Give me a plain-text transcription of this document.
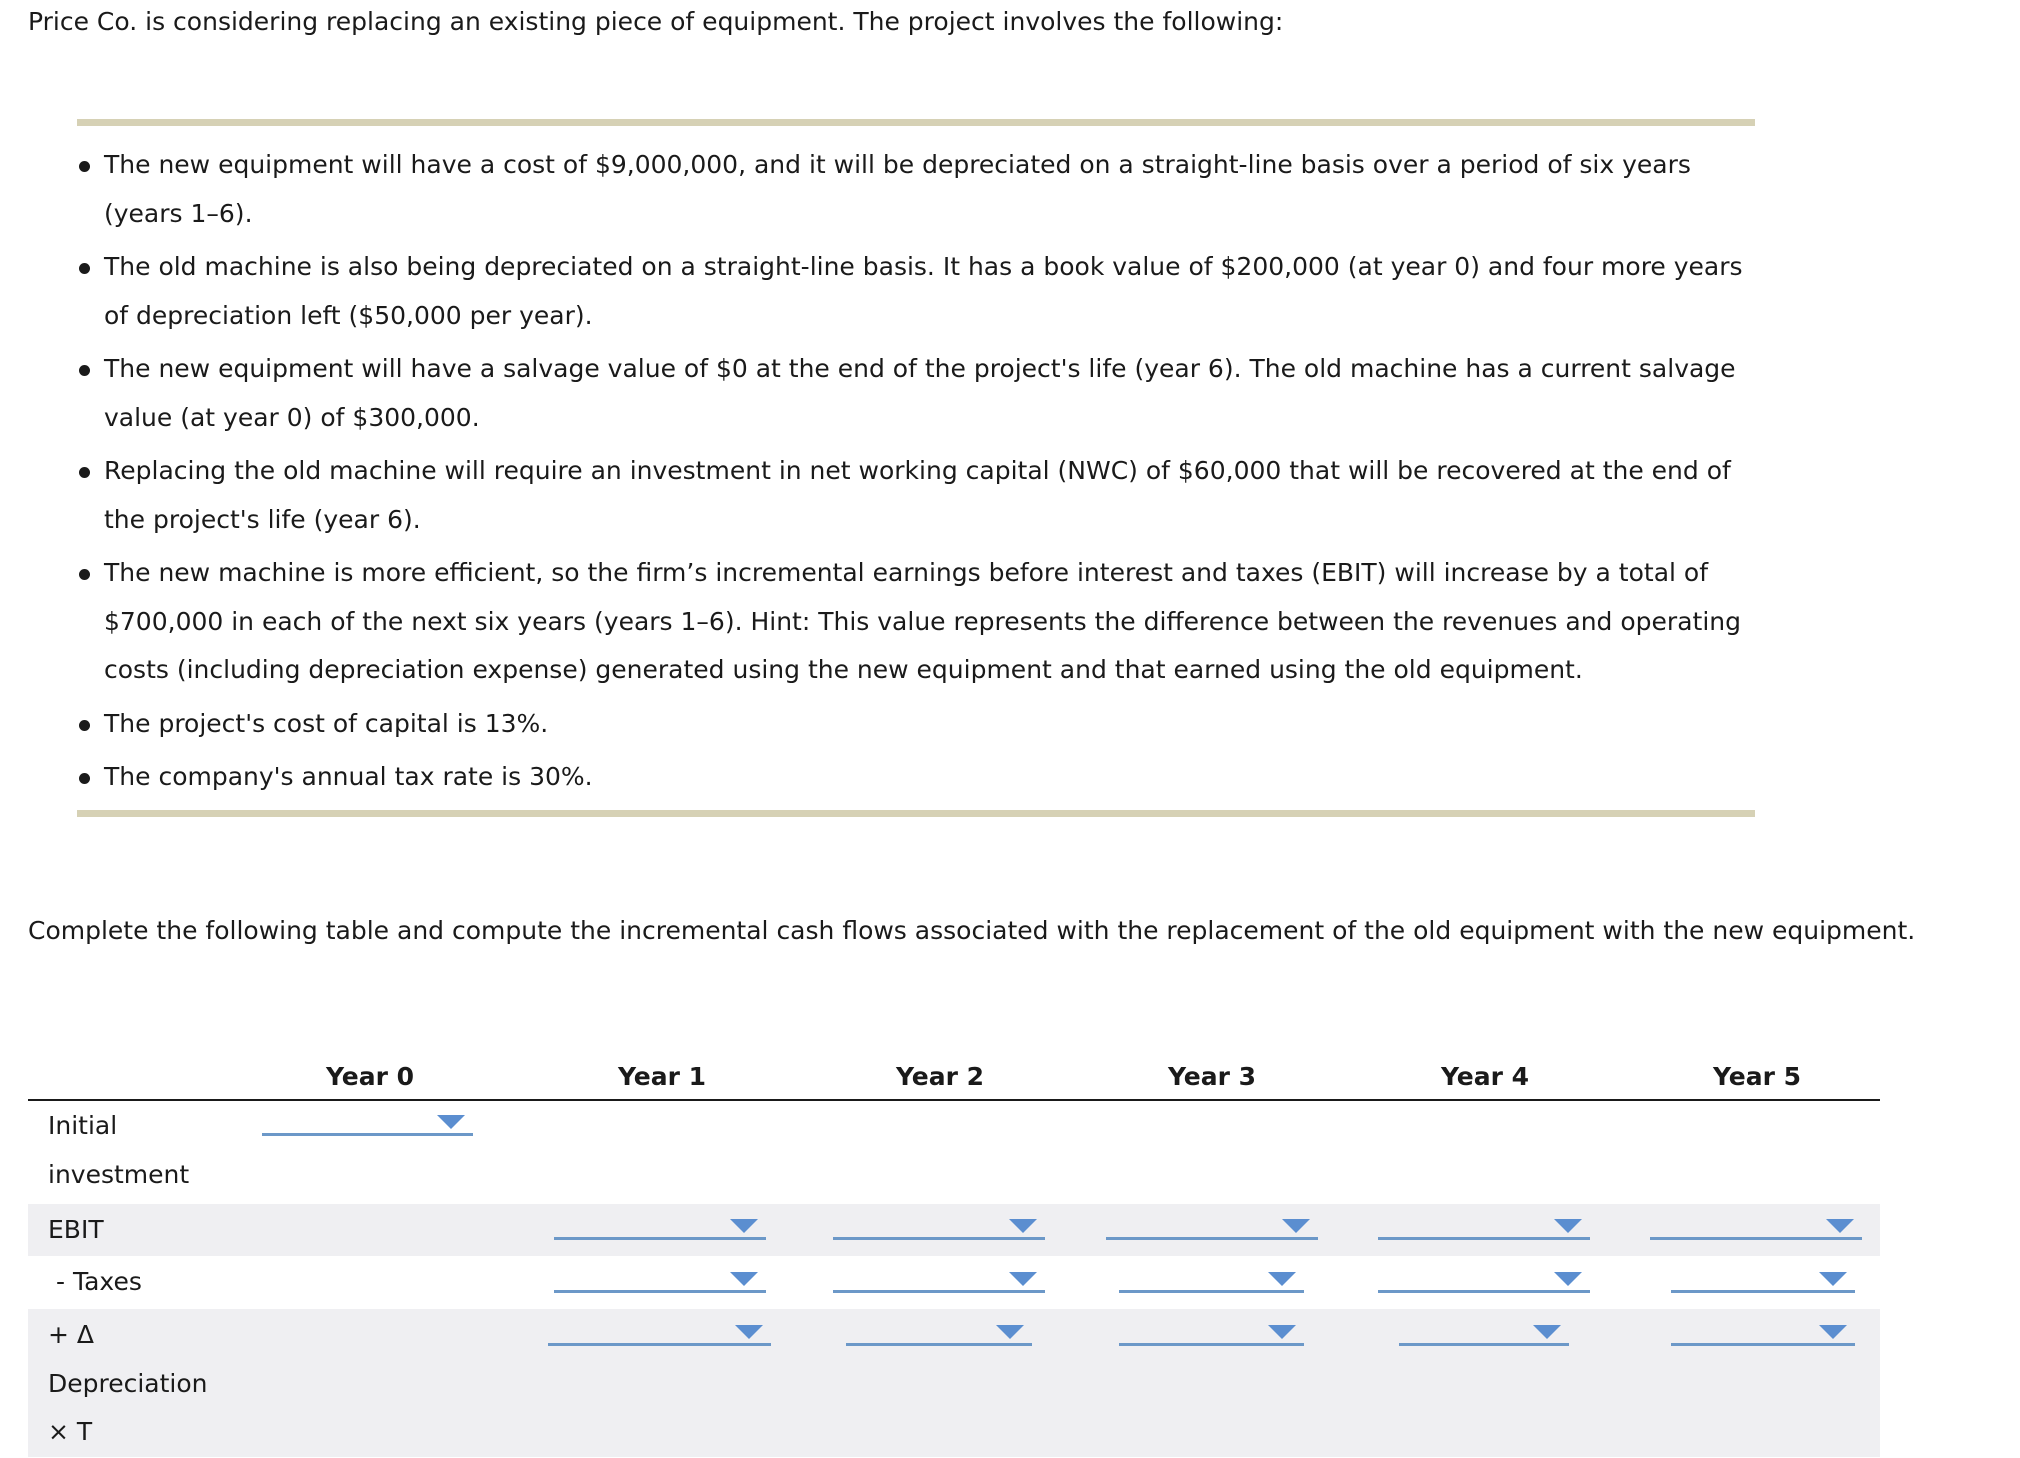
Price Co. is considering replacing an existing piece of equipment. The project involves the following:

The new equipment will have a cost of $9,000,000, and it will be depreciated on a straight-line basis over a period of six years (years 1–6).
The old machine is also being depreciated on a straight-line basis. It has a book value of $200,000 (at year 0) and four more years of depreciation left ($50,000 per year).
The new equipment will have a salvage value of $0 at the end of the project's life (year 6). The old machine has a current salvage value (at year 0) of $300,000.
Replacing the old machine will require an investment in net working capital (NWC) of $60,000 that will be recovered at the end of the project's life (year 6).
The new machine is more efficient, so the firm’s incremental earnings before interest and taxes (EBIT) will increase by a total of $700,000 in each of the next six years (years 1–6). Hint: This value represents the difference between the revenues and operating costs (including depreciation expense) generated using the new equipment and that earned using the old equipment.
The project's cost of capital is 13%.
The company's annual tax rate is 30%.

Complete the following table and compute the incremental cash flows associated with the replacement of the old equipment with the new equipment.

Year 0	Year 1	Year 2	Year 3	Year 4	Year 5
Initial investment
EBIT
- Taxes
+ Δ Depreciation × T
